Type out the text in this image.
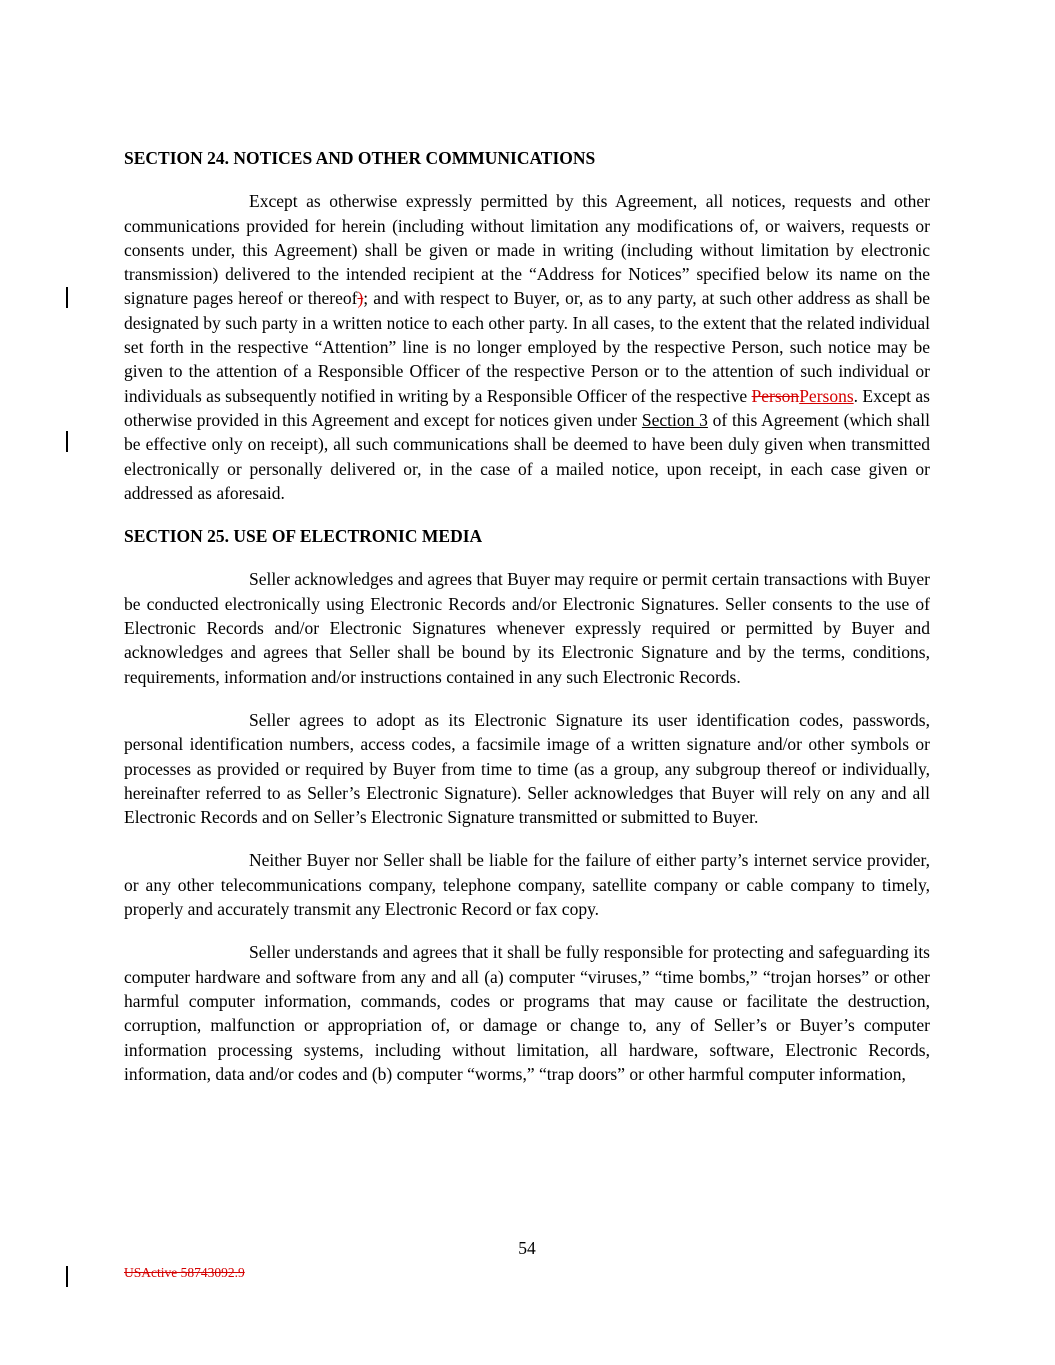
SECTION 24. NOTICES AND OTHER COMMUNICATIONS

Except as otherwise expressly permitted by this Agreement, all notices, requests and other communications provided for herein (including without limitation any modifications of, or waivers, requests or consents under, this Agreement) shall be given or made in writing (including without limitation by electronic transmission) delivered to the intended recipient at the “Address for Notices” specified below its name on the signature pages hereof or thereof); and with respect to Buyer, or, as to any party, at such other address as shall be designated by such party in a written notice to each other party. In all cases, to the extent that the related individual set forth in the respective “Attention” line is no longer employed by the respective Person, such notice may be given to the attention of a Responsible Officer of the respective Person or to the attention of such individual or individuals as subsequently notified in writing by a Responsible Officer of the respective PersonPersons. Except as otherwise provided in this Agreement and except for notices given under Section 3 of this Agreement (which shall be effective only on receipt), all such communications shall be deemed to have been duly given when transmitted electronically or personally delivered or, in the case of a mailed notice, upon receipt, in each case given or addressed as aforesaid.

SECTION 25. USE OF ELECTRONIC MEDIA

Seller acknowledges and agrees that Buyer may require or permit certain transactions with Buyer be conducted electronically using Electronic Records and/or Electronic Signatures. Seller consents to the use of Electronic Records and/or Electronic Signatures whenever expressly required or permitted by Buyer and acknowledges and agrees that Seller shall be bound by its Electronic Signature and by the terms, conditions, requirements, information and/or instructions contained in any such Electronic Records.

Seller agrees to adopt as its Electronic Signature its user identification codes, passwords, personal identification numbers, access codes, a facsimile image of a written signature and/or other symbols or processes as provided or required by Buyer from time to time (as a group, any subgroup thereof or individually, hereinafter referred to as Seller’s Electronic Signature). Seller acknowledges that Buyer will rely on any and all Electronic Records and on Seller’s Electronic Signature transmitted or submitted to Buyer.

Neither Buyer nor Seller shall be liable for the failure of either party’s internet service provider, or any other telecommunications company, telephone company, satellite company or cable company to timely, properly and accurately transmit any Electronic Record or fax copy.

Seller understands and agrees that it shall be fully responsible for protecting and safeguarding its computer hardware and software from any and all (a) computer “viruses,” “time bombs,” “trojan horses” or other harmful computer information, commands, codes or programs that may cause or facilitate the destruction, corruption, malfunction or appropriation of, or damage or change to, any of Seller’s or Buyer’s computer information processing systems, including without limitation, all hardware, software, Electronic Records, information, data and/or codes and (b) computer “worms,” “trap doors” or other harmful computer information,

54
USActive 58743092.9
